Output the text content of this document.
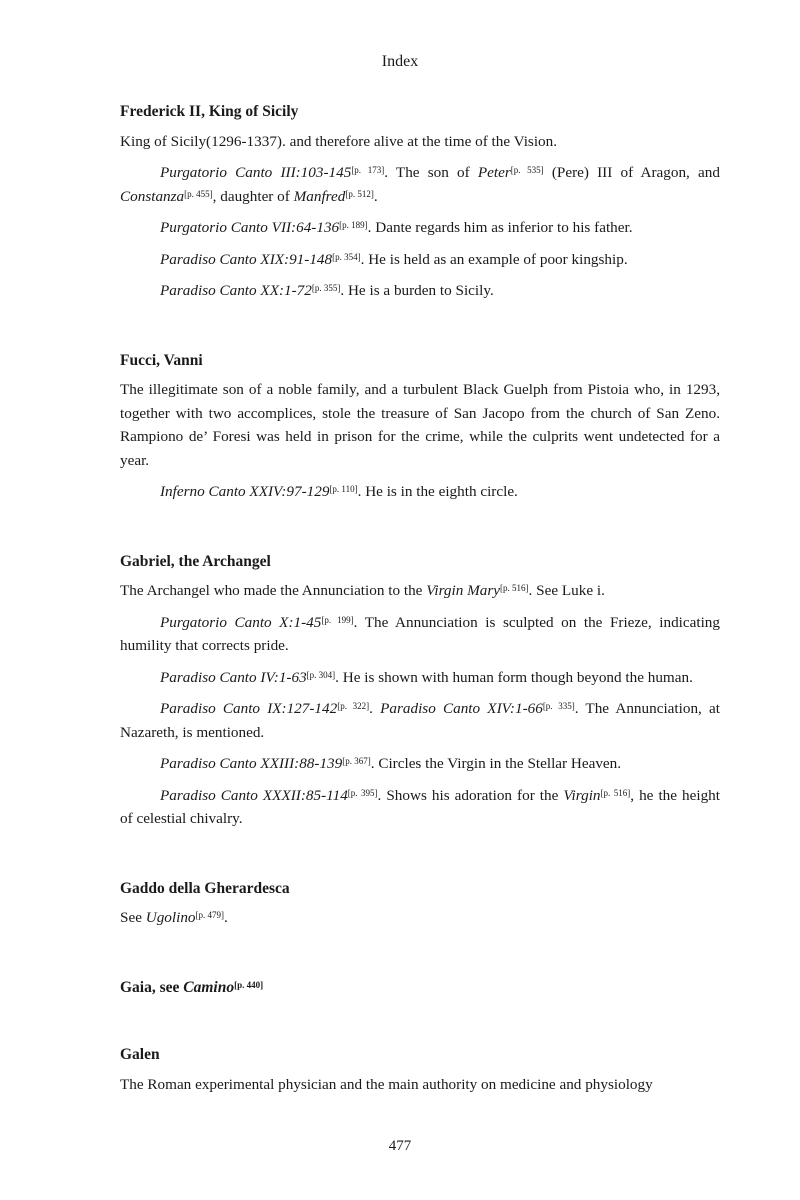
Index

Frederick II, King of Sicily

King of Sicily(1296-1337). and therefore alive at the time of the Vision.

Purgatorio Canto III:103-145[p. 173]. The son of Peter[p. 535] (Pere) III of Aragon, and Constanza[p. 455], daughter of Manfred[p. 512].

Purgatorio Canto VII:64-136[p. 189]. Dante regards him as inferior to his father.

Paradiso Canto XIX:91-148[p. 354]. He is held as an example of poor kingship.

Paradiso Canto XX:1-72[p. 355]. He is a burden to Sicily.

Fucci, Vanni

The illegitimate son of a noble family, and a turbulent Black Guelph from Pistoia who, in 1293, together with two accomplices, stole the treasure of San Jacopo from the church of San Zeno. Rampiono de’ Foresi was held in prison for the crime, while the culprits went undetected for a year.

Inferno Canto XXIV:97-129[p. 110]. He is in the eighth circle.

Gabriel, the Archangel

The Archangel who made the Annunciation to the Virgin Mary[p. 516]. See Luke i.

Purgatorio Canto X:1-45[p. 199]. The Annunciation is sculpted on the Frieze, indicating humility that corrects pride.

Paradiso Canto IV:1-63[p. 304]. He is shown with human form though beyond the human.

Paradiso Canto IX:127-142[p. 322]. Paradiso Canto XIV:1-66[p. 335]. The Annunciation, at Nazareth, is mentioned.

Paradiso Canto XXIII:88-139[p. 367]. Circles the Virgin in the Stellar Heaven.

Paradiso Canto XXXII:85-114[p. 395]. Shows his adoration for the Virgin[p. 516], he the height of celestial chivalry.

Gaddo della Gherardesca

See Ugolino[p. 479].

Gaia, see Camino[p. 440]

Galen

The Roman experimental physician and the main authority on medicine and physiology

477
